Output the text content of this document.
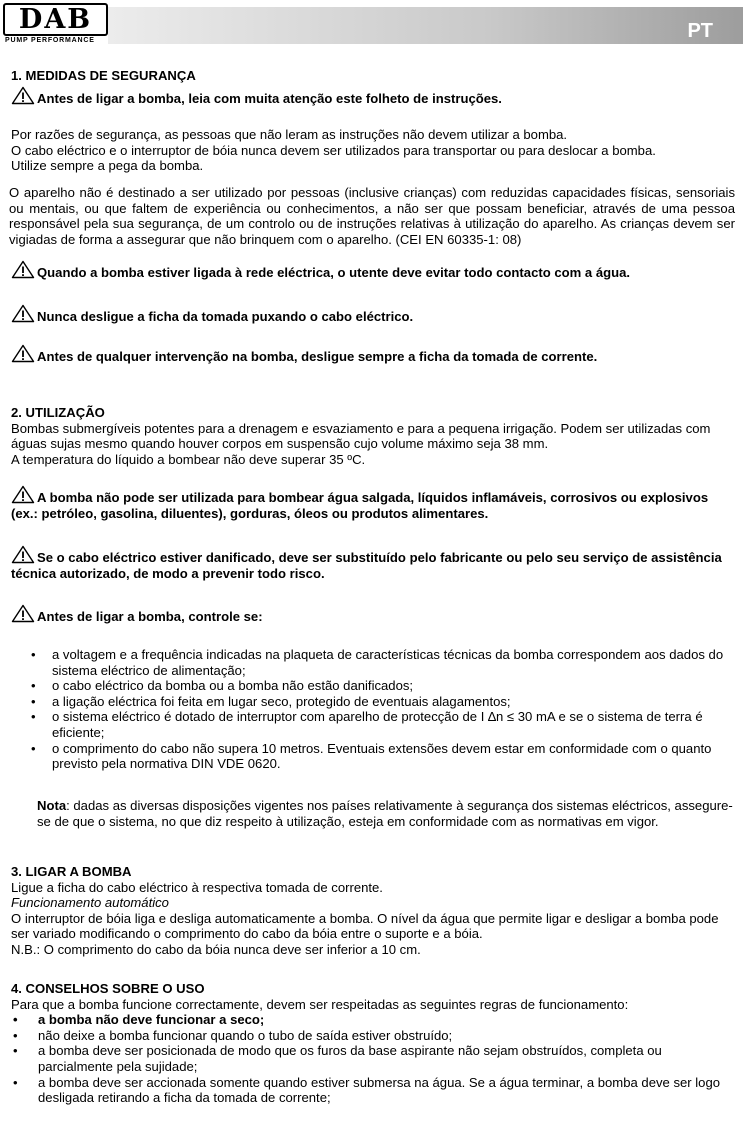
DAB
PUMP PERFORMANCE	PT
1. MEDIDAS DE SEGURANÇA
Antes de ligar a bomba, leia com muita atenção este folheto de instruções.

Por razões de segurança, as pessoas que não leram as instruções não devem utilizar a bomba.

O cabo eléctrico e o interruptor de bóia nunca devem ser utilizados para transportar ou para deslocar a bomba.

Utilize sempre a pega da bomba.

O aparelho não é destinado a ser utilizado por pessoas (inclusive crianças) com reduzidas capacidades físicas, sensoriais ou mentais, ou que faltem de experiência ou conhecimentos, a não ser que possam beneficiar, através de uma pessoa responsável pela sua segurança, de um controlo ou de instruções relativas à utilização do aparelho. As crianças devem ser vigiadas de forma a assegurar que não brinquem com o aparelho. (CEI EN 60335-1: 08)

Quando a bomba estiver ligada à rede eléctrica, o utente deve evitar todo contacto com a água.
Nunca desligue a ficha da tomada puxando o cabo eléctrico.
Antes de qualquer intervenção na bomba, desligue sempre a ficha da tomada de corrente.
2. UTILIZAÇÃO

Bombas submergíveis potentes para a drenagem e esvaziamento e para a pequena irrigação. Podem ser utilizadas com águas sujas mesmo quando houver corpos em suspensão cujo volume máximo seja 38 mm.

A temperatura do líquido a bombear não deve superar 35 ºC.

A bomba não pode ser utilizada para bombear água salgada, líquidos inflamáveis, corrosivos ou explosivos (ex.: petróleo, gasolina, diluentes), gorduras, óleos ou produtos alimentares.
Se o cabo eléctrico estiver danificado, deve ser substituído pelo fabricante ou pelo seu serviço de assistência técnica autorizado, de modo a prevenir todo risco.
Antes de ligar a bomba, controle se:
• a voltagem e a frequência indicadas na plaqueta de características técnicas da bomba correspondem aos dados do sistema eléctrico de alimentação;
• o cabo eléctrico da bomba ou a bomba não estão danificados;
• a ligação eléctrica foi feita em lugar seco, protegido de eventuais alagamentos;
• o sistema eléctrico é dotado de interruptor com aparelho de protecção de I ∆n ≤ 30 mA e se o sistema de terra é eficiente;
• o comprimento do cabo não supera 10 metros. Eventuais extensões devem estar em conformidade com o quanto previsto pela normativa DIN VDE 0620.

Nota: dadas as diversas disposições vigentes nos países relativamente à segurança dos sistemas eléctricos, assegure-se de que o sistema, no que diz respeito à utilização, esteja em conformidade com as normativas em vigor.

3. LIGAR A BOMBA

Ligue a ficha do cabo eléctrico à respectiva tomada de corrente.

Funcionamento automático

O interruptor de bóia liga e desliga automaticamente a bomba. O nível da água que permite ligar e desligar a bomba pode ser variado modificando o comprimento do cabo da bóia entre o suporte e a bóia.

N.B.: O comprimento do cabo da bóia nunca deve ser inferior a 10 cm.

4. CONSELHOS SOBRE O USO

Para que a bomba funcione correctamente, devem ser respeitadas as seguintes regras de funcionamento:

• a bomba não deve funcionar a seco;
• não deixe a bomba funcionar quando o tubo de saída estiver obstruído;
• a bomba deve ser posicionada de modo que os furos da base aspirante não sejam obstruídos, completa ou parcialmente pela sujidade;
• a bomba deve ser accionada somente quando estiver submersa na água. Se a água terminar, a bomba deve ser logo desligada retirando a ficha da tomada de corrente;
